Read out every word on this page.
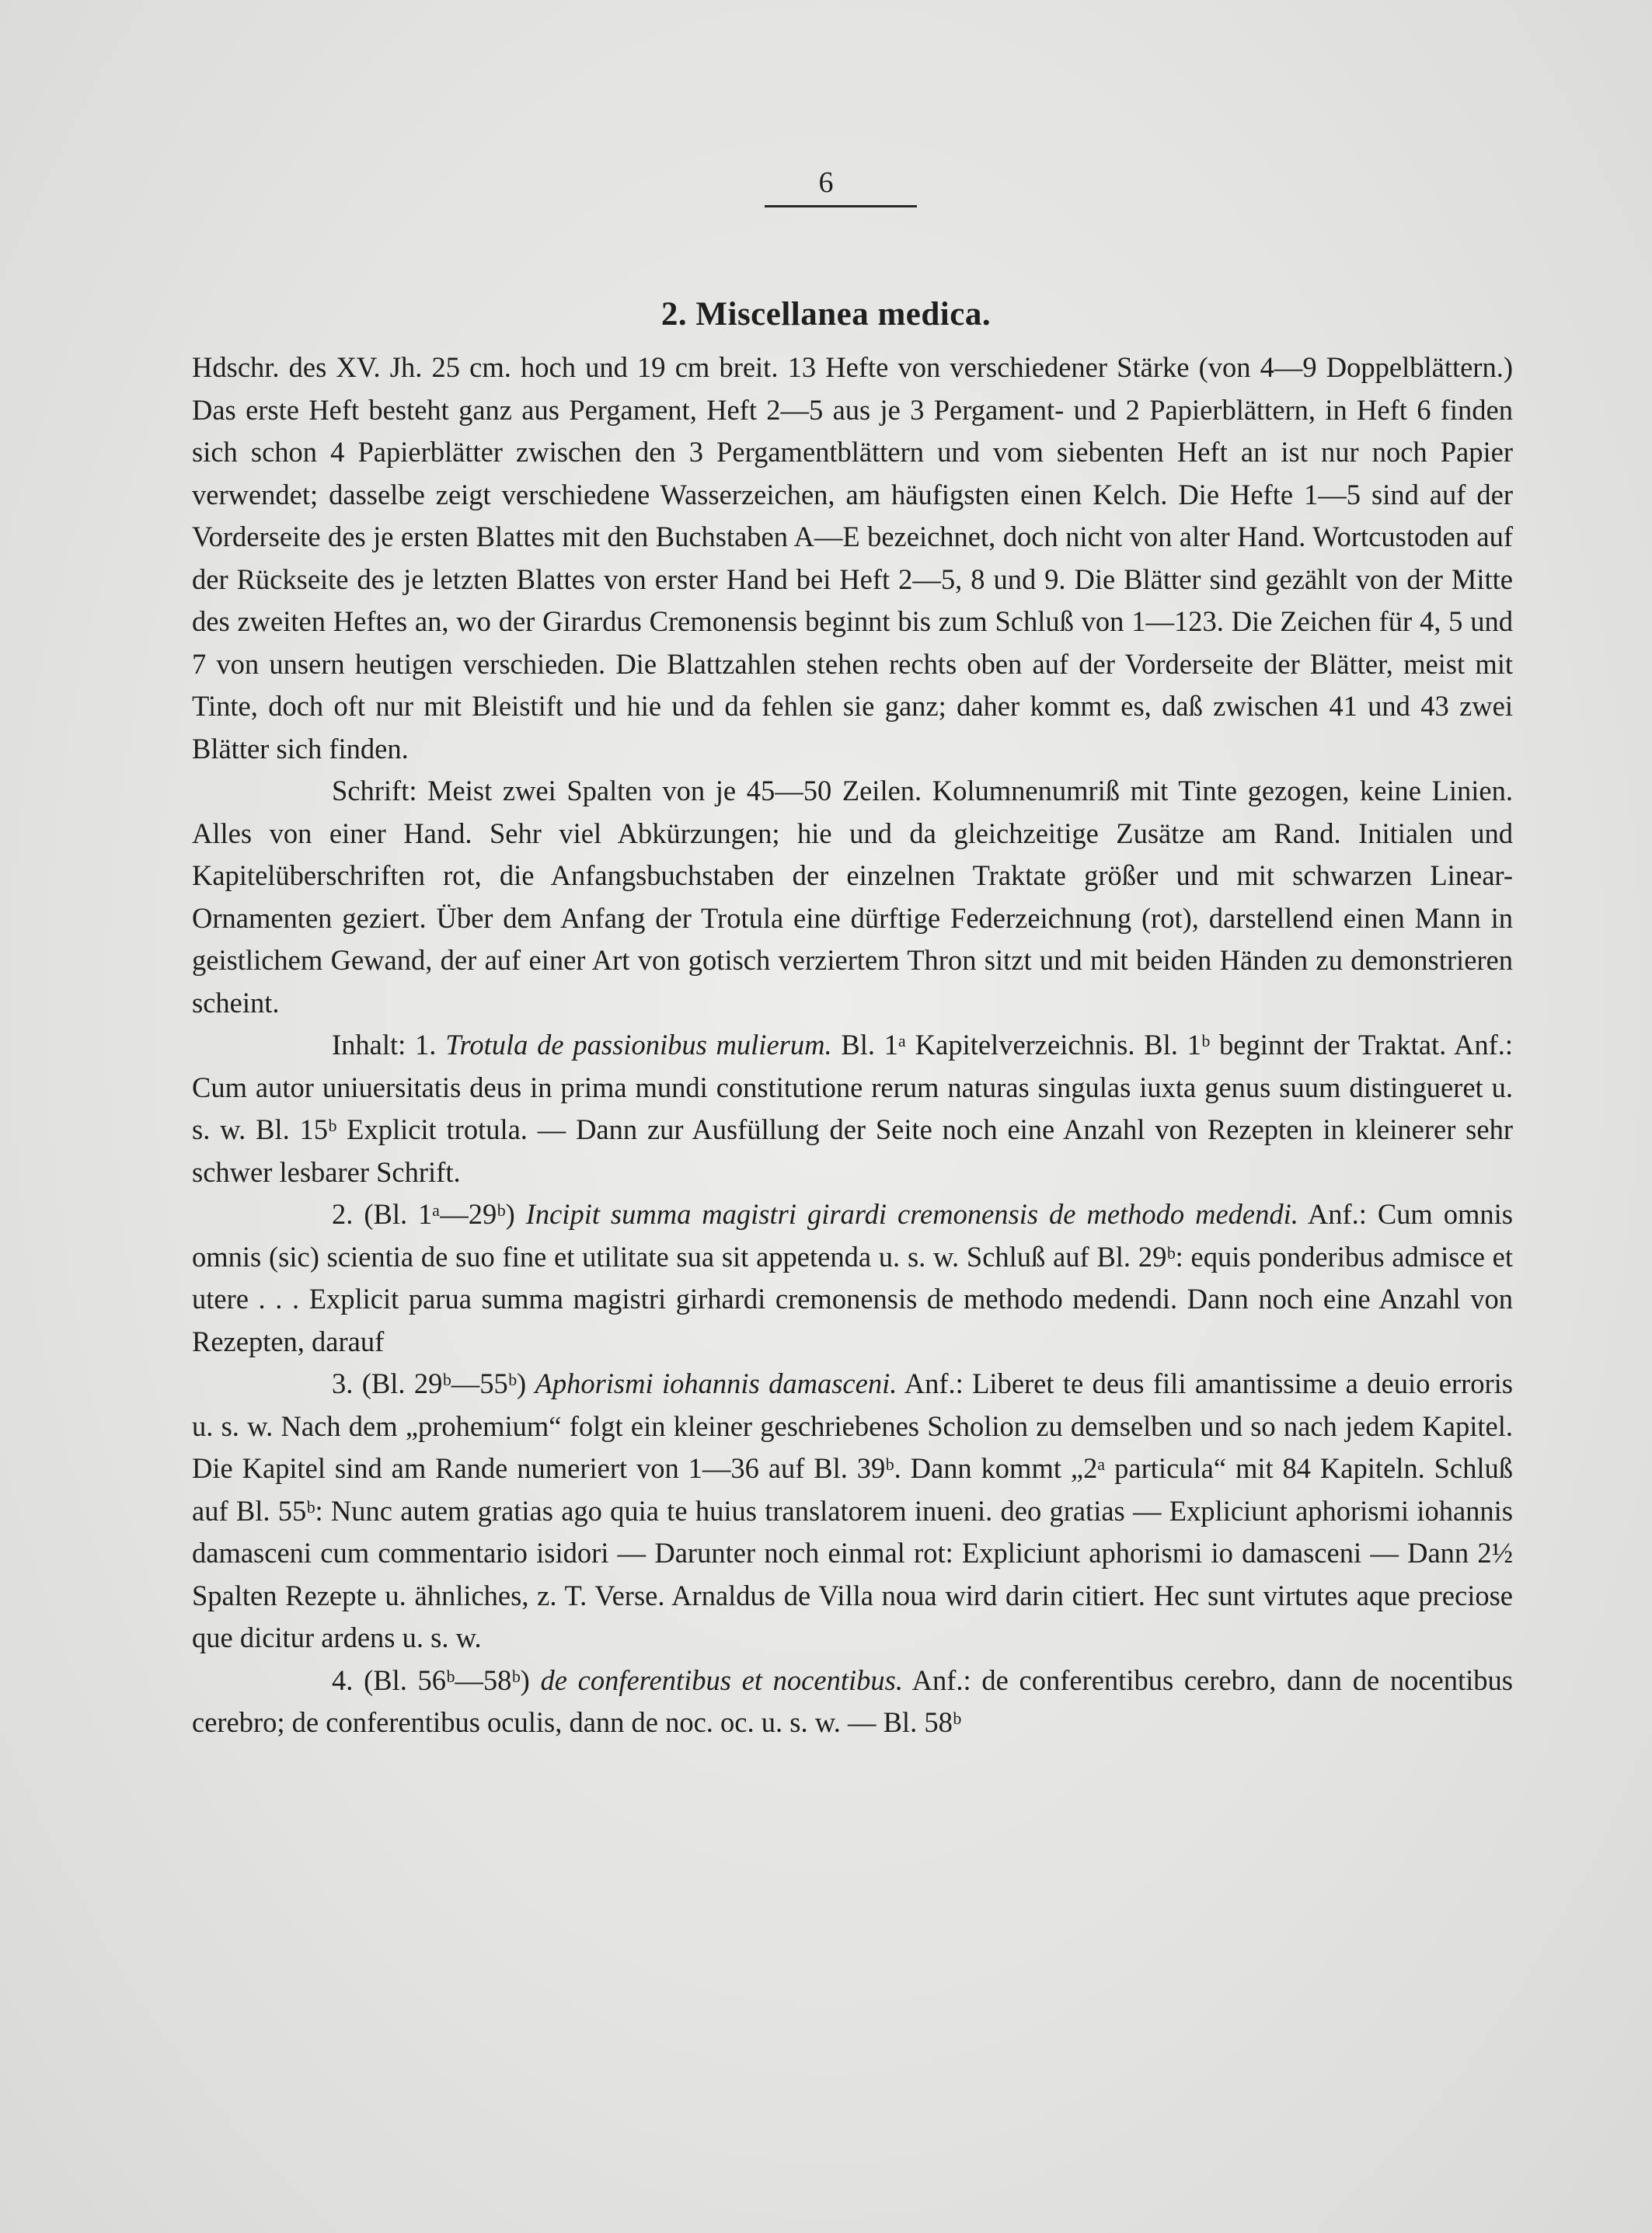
6
2. Miscellanea medica.

Hdschr. des XV. Jh. 25 cm. hoch und 19 cm breit. 13 Hefte von verschiedener Stärke (von 4—9 Doppelblättern.) Das erste Heft besteht ganz aus Pergament, Heft 2—5 aus je 3 Pergament- und 2 Papierblättern, in Heft 6 finden sich schon 4 Papierblätter zwischen den 3 Pergamentblättern und vom siebenten Heft an ist nur noch Papier verwendet; dasselbe zeigt verschiedene Wasserzeichen, am häufigsten einen Kelch. Die Hefte 1—5 sind auf der Vorderseite des je ersten Blattes mit den Buchstaben A—E bezeichnet, doch nicht von alter Hand. Wortcustoden auf der Rückseite des je letzten Blattes von erster Hand bei Heft 2—5, 8 und 9. Die Blätter sind gezählt von der Mitte des zweiten Heftes an, wo der Girardus Cremonensis beginnt bis zum Schluß von 1—123. Die Zeichen für 4, 5 und 7 von unsern heutigen verschieden. Die Blattzahlen stehen rechts oben auf der Vorderseite der Blätter, meist mit Tinte, doch oft nur mit Bleistift und hie und da fehlen sie ganz; daher kommt es, daß zwischen 41 und 43 zwei Blätter sich finden.

Schrift: Meist zwei Spalten von je 45—50 Zeilen. Kolumnenumriß mit Tinte gezogen, keine Linien. Alles von einer Hand. Sehr viel Abkürzungen; hie und da gleichzeitige Zusätze am Rand. Initialen und Kapitelüberschriften rot, die Anfangsbuchstaben der einzelnen Traktate größer und mit schwarzen Linear-Ornamenten geziert. Über dem Anfang der Trotula eine dürftige Federzeichnung (rot), darstellend einen Mann in geistlichem Gewand, der auf einer Art von gotisch verziertem Thron sitzt und mit beiden Händen zu demonstrieren scheint.

Inhalt: 1. Trotula de passionibus mulierum. Bl. 1ᵃ Kapitelverzeichnis. Bl. 1ᵇ beginnt der Traktat. Anf.: Cum autor uniuersitatis deus in prima mundi constitutione rerum naturas singulas iuxta genus suum distingueret u. s. w. Bl. 15ᵇ Explicit trotula. — Dann zur Ausfüllung der Seite noch eine Anzahl von Rezepten in kleinerer sehr schwer lesbarer Schrift.

2. (Bl. 1ᵃ—29ᵇ) Incipit summa magistri girardi cremonensis de methodo medendi. Anf.: Cum omnis omnis (sic) scientia de suo fine et utilitate sua sit appetenda u. s. w. Schluß auf Bl. 29ᵇ: equis ponderibus admisce et utere . . . Explicit parua summa magistri girhardi cremonensis de methodo medendi. Dann noch eine Anzahl von Rezepten, darauf

3. (Bl. 29ᵇ—55ᵇ) Aphorismi iohannis damasceni. Anf.: Liberet te deus fili amantissime a deuio erroris u. s. w. Nach dem „prohemium“ folgt ein kleiner geschriebenes Scholion zu demselben und so nach jedem Kapitel. Die Kapitel sind am Rande numeriert von 1—36 auf Bl. 39ᵇ. Dann kommt „2ᵃ particula“ mit 84 Kapiteln. Schluß auf Bl. 55ᵇ: Nunc autem gratias ago quia te huius translatorem inueni. deo gratias — Expliciunt aphorismi iohannis damasceni cum commentario isidori — Darunter noch einmal rot: Expliciunt aphorismi io damasceni — Dann 2½ Spalten Rezepte u. ähnliches, z. T. Verse. Arnaldus de Villa noua wird darin citiert. Hec sunt virtutes aque preciose que dicitur ardens u. s. w.

4. (Bl. 56ᵇ—58ᵇ) de conferentibus et nocentibus. Anf.: de conferentibus cerebro, dann de nocentibus cerebro; de conferentibus oculis, dann de noc. oc. u. s. w. — Bl. 58ᵇ
